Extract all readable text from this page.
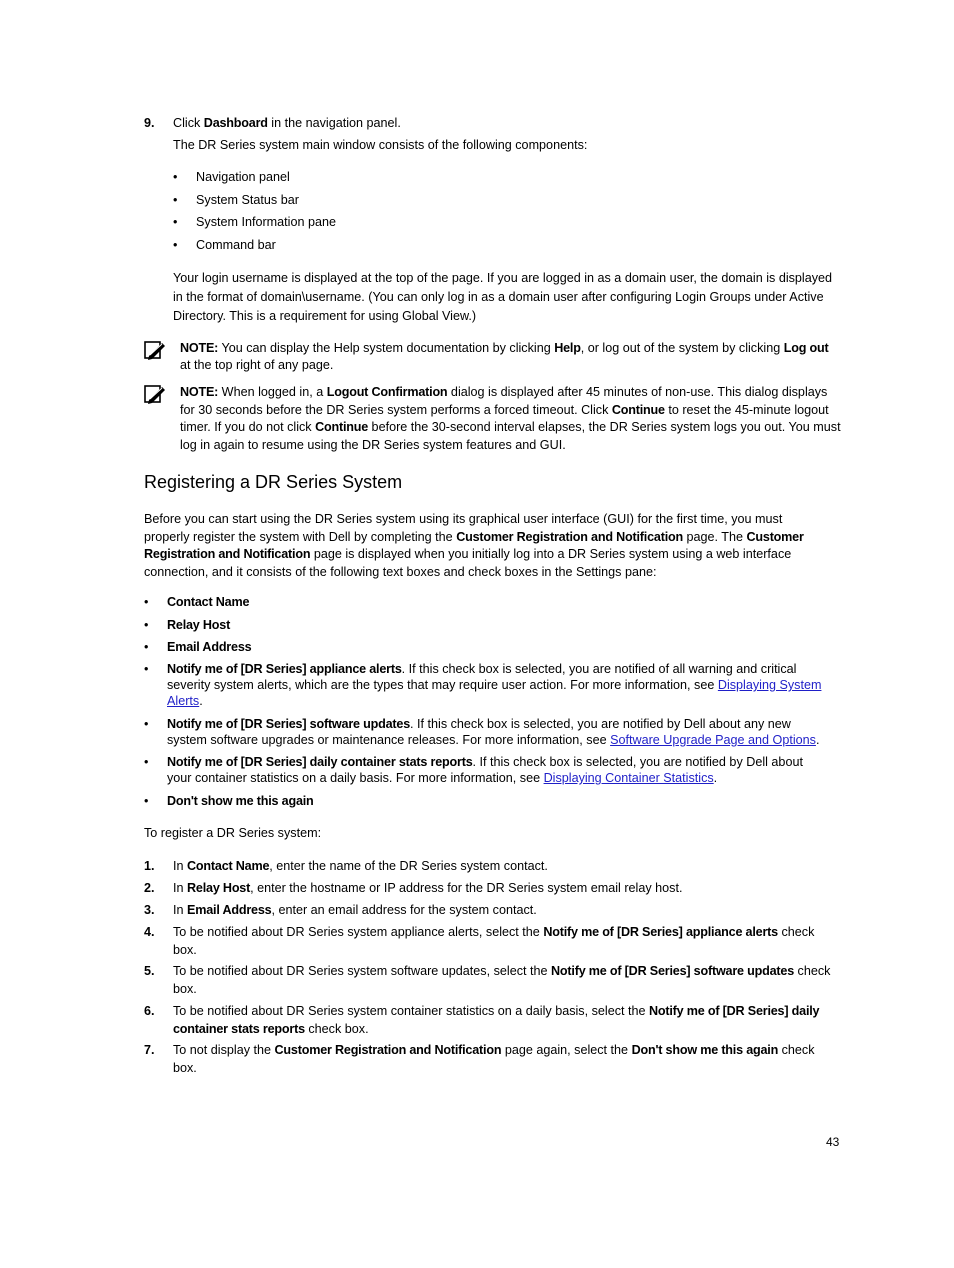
9. Click Dashboard in the navigation panel.
The DR Series system main window consists of the following components:
• Navigation panel
• System Status bar
• System Information pane
• Command bar
Your login username is displayed at the top of the page. If you are logged in as a domain user, the domain is displayed in the format of domain\username. (You can only log in as a domain user after configuring Login Groups under Active Directory. This is a requirement for using Global View.)
NOTE: You can display the Help system documentation by clicking Help, or log out of the system by clicking Log out at the top right of any page.
NOTE: When logged in, a Logout Confirmation dialog is displayed after 45 minutes of non-use. This dialog displays for 30 seconds before the DR Series system performs a forced timeout. Click Continue to reset the 45-minute logout timer. If you do not click Continue before the 30-second interval elapses, the DR Series system logs you out. You must log in again to resume using the DR Series system features and GUI.
Registering a DR Series System
Before you can start using the DR Series system using its graphical user interface (GUI) for the first time, you must properly register the system with Dell by completing the Customer Registration and Notification page. The Customer Registration and Notification page is displayed when you initially log into a DR Series system using a web interface connection, and it consists of the following text boxes and check boxes in the Settings pane:
• Contact Name
• Relay Host
• Email Address
• Notify me of [DR Series] appliance alerts. If this check box is selected, you are notified of all warning and critical severity system alerts, which are the types that may require user action. For more information, see Displaying System Alerts.
• Notify me of [DR Series] software updates. If this check box is selected, you are notified by Dell about any new system software upgrades or maintenance releases. For more information, see Software Upgrade Page and Options.
• Notify me of [DR Series] daily container stats reports. If this check box is selected, you are notified by Dell about your container statistics on a daily basis. For more information, see Displaying Container Statistics.
• Don't show me this again
To register a DR Series system:
1. In Contact Name, enter the name of the DR Series system contact.
2. In Relay Host, enter the hostname or IP address for the DR Series system email relay host.
3. In Email Address, enter an email address for the system contact.
4. To be notified about DR Series system appliance alerts, select the Notify me of [DR Series] appliance alerts check box.
5. To be notified about DR Series system software updates, select the Notify me of [DR Series] software updates check box.
6. To be notified about DR Series system container statistics on a daily basis, select the Notify me of [DR Series] daily container stats reports check box.
7. To not display the Customer Registration and Notification page again, select the Don't show me this again check box.
43
